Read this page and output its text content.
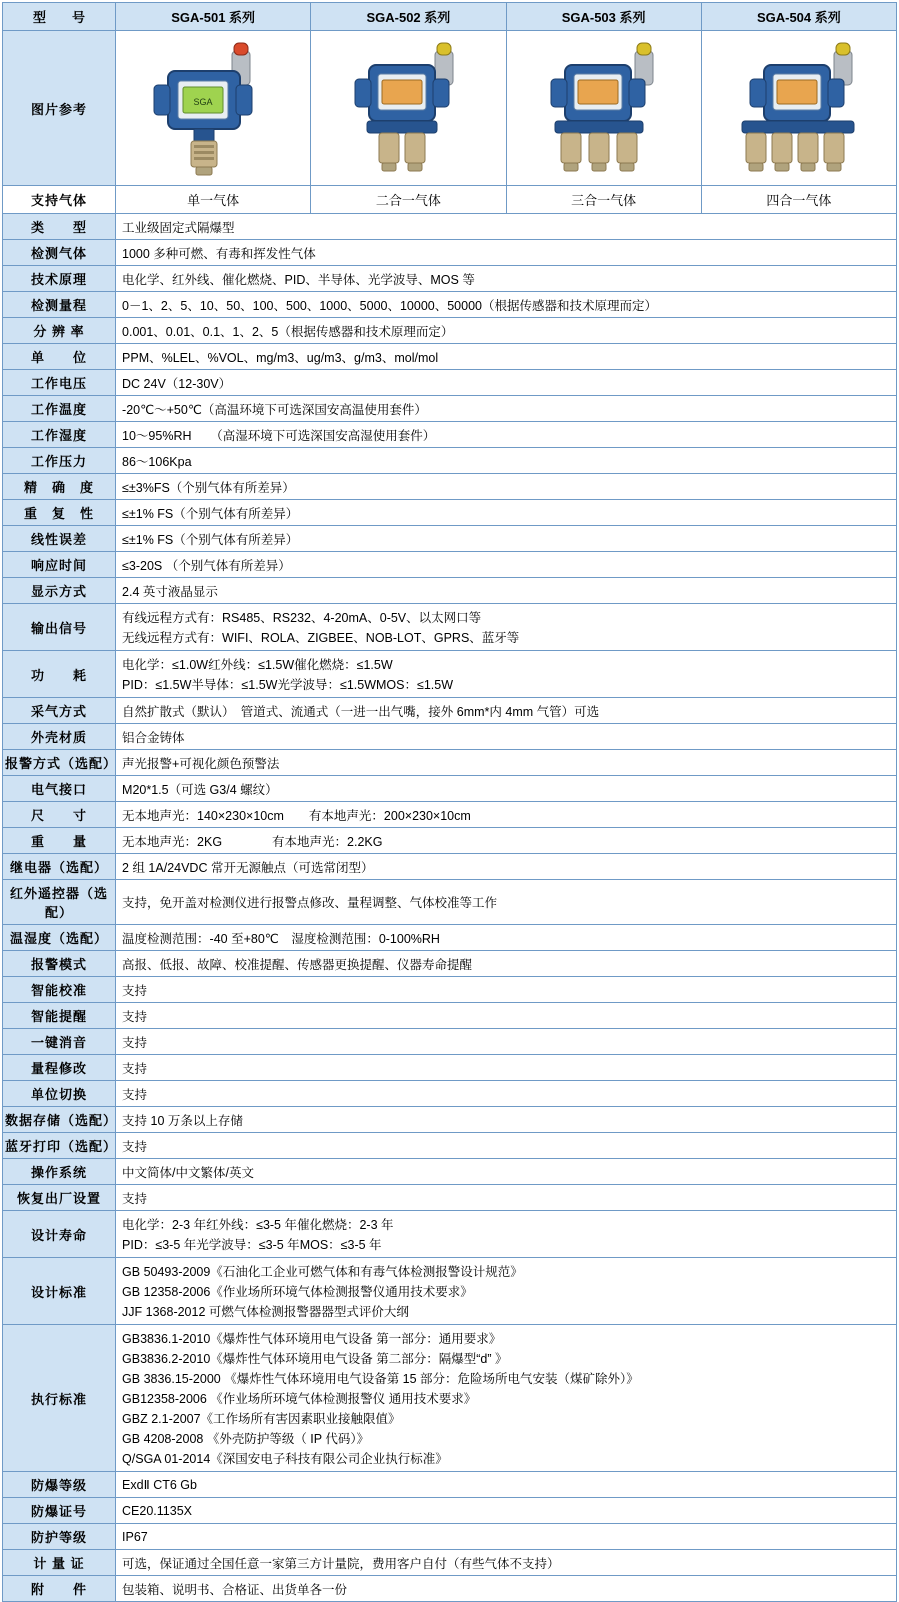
型　　号	SGA-501 系列	SGA-502 系列	SGA-503 系列	SGA-504 系列
图片参考	SGA

支持气体	单一气体	二合一气体	三合一气体	四合一气体
类　　型	工业级固定式隔爆型			
检测气体	1000 多种可燃、有毒和挥发性气体			
技术原理	电化学、红外线、催化燃烧、PID、半导体、光学波导、MOS 等			
检测量程	0－1、2、5、10、50、100、500、1000、5000、10000、50000（根据传感器和技术原理而定）			
分 辨 率	0.001、0.01、0.1、1、2、5（根据传感器和技术原理而定）			
单　　位	PPM、%LEL、%VOL、mg/m3、ug/m3、g/m3、mol/mol			
工作电压	DC 24V（12-30V）			
工作温度	-20℃～+50℃（高温环境下可选深国安高温使用套件）			
工作湿度	10～95%RH　　（高湿环境下可选深国安高湿使用套件）			
工作压力	86～106Kpa			
精　确　度	≤±3%FS（个别气体有所差异）			
重　复　性	≤±1% FS（个别气体有所差异）			
线性误差	≤±1% FS（个别气体有所差异）			
响应时间	≤3-20S （个别气体有所差异）			
显示方式	2.4 英寸液晶显示			
输出信号	有线远程方式有：RS485、RS232、4-20mA、0-5V、以太网口等
无线远程方式有：WIFI、ROLA、ZIGBEE、NOB-LOT、GPRS、蓝牙等			

功　　耗	电化学：≤1.0W红外线：≤1.5W催化燃烧：≤1.5W
PID：≤1.5W半导体：≤1.5W光学波导：≤1.5WMOS：≤1.5W			

采气方式	自然扩散式（默认）　管道式、流通式（一进一出气嘴，接外 6mm*内 4mm 气管）可选			
外壳材质	铝合金铸体			
报警方式（选配）	声光报警+可视化颜色预警法			
电气接口	M20*1.5（可选 G3/4 螺纹）			
尺　　寸	无本地声光：140×230×10cm　　有本地声光：200×230×10cm			
重　　量	无本地声光：2KG　　　　有本地声光：2.2KG			
继电器（选配）	2 组 1A/24VDC 常开无源触点（可选常闭型）			
红外遥控器（选配）	支持，免开盖对检测仪进行报警点修改、量程调整、气体校准等工作			
温湿度（选配）	温度检测范围：-40 至+80℃　湿度检测范围：0-100%RH			
报警模式	高报、低报、故障、校准提醒、传感器更换提醒、仪器寿命提醒			
智能校准	支持			
智能提醒	支持			
一键消音	支持			
量程修改	支持			
单位切换	支持			
数据存储（选配）	支持 10 万条以上存储			
蓝牙打印（选配）	支持			
操作系统	中文简体/中文繁体/英文			
恢复出厂设置	支持			
设计寿命	电化学：2-3 年红外线：≤3-5 年催化燃烧：2-3 年
PID：≤3-5 年光学波导：≤3-5 年MOS：≤3-5 年			

设计标准	GB 50493-2009《石油化工企业可燃气体和有毒气体检测报警设计规范》
GB 12358-2006《作业场所环境气体检测报警仪通用技术要求》
JJF 1368-2012 可燃气体检测报警器器型式评价大纲			

执行标准	
GB3836.1-2010《爆炸性气体环境用电气设备 第一部分：通用要求》
GB3836.2-2010《爆炸性气体环境用电气设备 第二部分：隔爆型“d” 》
GB 3836.15-2000 《爆炸性气体环境用电气设备第 15 部分：危险场所电气安装（煤矿除外）》
GB12358-2006 《作业场所环境气体检测报警仪 通用技术要求》
GBZ 2.1-2007《工作场所有害因素职业接触限值》
GB 4208-2008 《外壳防护等级（ IP 代码）》
Q/SGA 01-2014《深国安电子科技有限公司企业执行标准》

防爆等级	ExdⅡ CT6 Gb			
防爆证号	CE20.1135X			
防护等级	IP67			
计 量 证	可选，保证通过全国任意一家第三方计量院，费用客户自付（有些气体不支持）			
附　　件	包装箱、说明书、合格证、出货单各一份			
